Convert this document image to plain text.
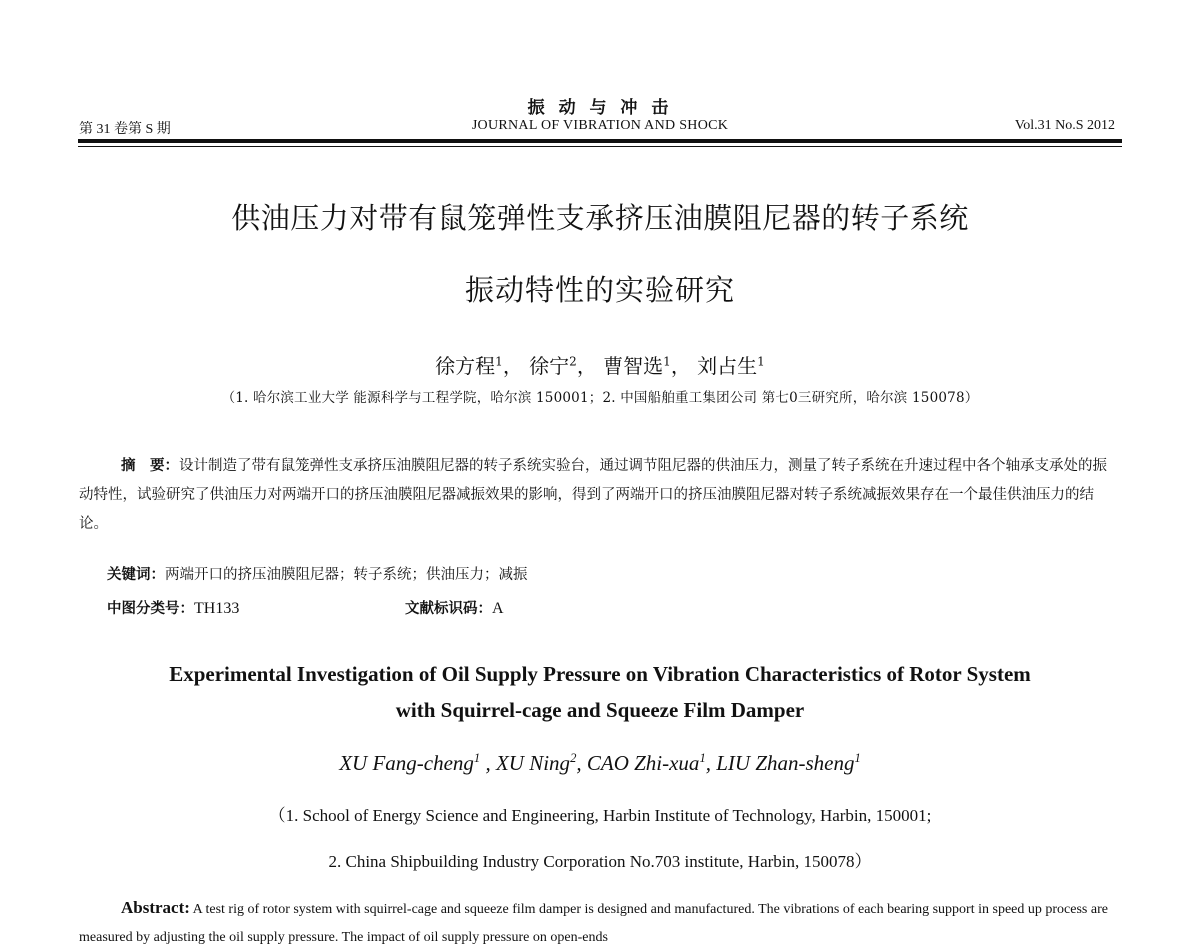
振 动 与 冲 击
第 31 卷第 S 期	JOURNAL OF VIBRATION AND SHOCK	Vol.31 No.S 2012
供油压力对带有鼠笼弹性支承挤压油膜阻尼器的转子系统
振动特性的实验研究
徐方程$^1$， 徐宁$^2$， 曹智选$^1$， 刘占生$^1$
（1. 哈尔滨工业大学 能源科学与工程学院，哈尔滨 150001；2. 中国船舶重工集团公司 第七0三研究所，哈尔滨 150078）
摘　要：设计制造了带有鼠笼弹性支承挤压油膜阻尼器的转子系统实验台，通过调节阻尼器的供油压力，测量了转子系统在升速过程中各个轴承支承处的振动特性，试验研究了供油压力对两端开口的挤压油膜阻尼器减振效果的影响，得到了两端开口的挤压油膜阻尼器对转子系统减振效果存在一个最佳供油压力的结论。
关键词：两端开口的挤压油膜阻尼器；转子系统；供油压力；减振
中图分类号：TH133	文献标识码：A
Experimental Investigation of Oil Supply Pressure on Vibration Characteristics of Rotor System
with Squirrel-cage and Squeeze Film Damper
XU Fang-cheng$^1$ , XU Ning$^2$, CAO Zhi-xua$^1$, LIU Zhan-sheng$^1$
（1. School of Energy Science and Engineering, Harbin Institute of Technology, Harbin, 150001;
2. China Shipbuilding Industry Corporation No.703 institute, Harbin, 150078）
Abstract: A test rig of rotor system with squirrel-cage and squeeze film damper is designed and manufactured. The vibrations of each bearing support in speed up process are measured by adjusting the oil supply pressure. The impact of oil supply pressure on open-ends
